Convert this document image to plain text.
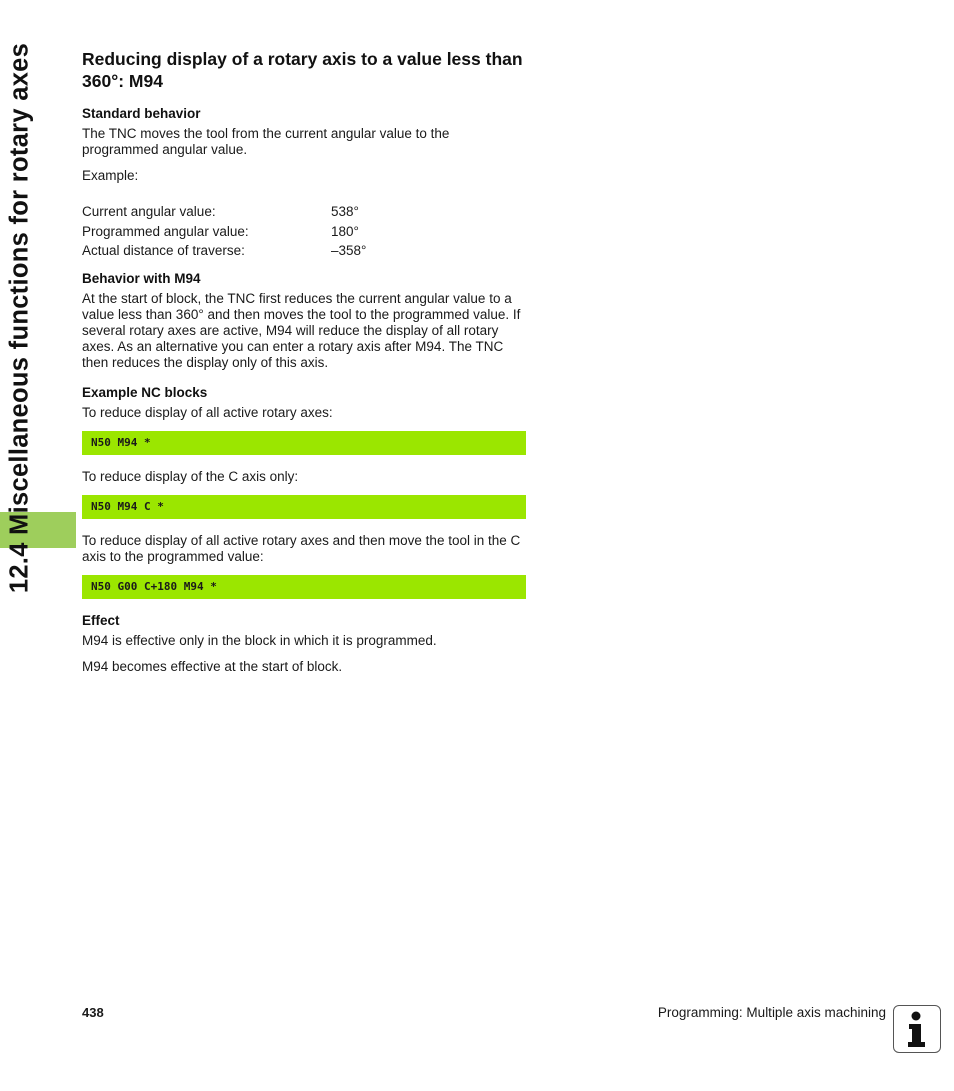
12.4 Miscellaneous functions for rotary axes	Reducing display of a rotary axis to a value less than 360°: M94
Standard behavior

The TNC moves the tool from the current angular value to the programmed angular value.

Example:

Current angular value:	538°
Programmed angular value:	180°
Actual distance of traverse:	–358°
Behavior with M94

At the start of block, the TNC first reduces the current angular value to a value less than 360° and then moves the tool to the programmed value. If several rotary axes are active, M94 will reduce the display of all rotary axes. As an alternative you can enter a rotary axis after M94. The TNC then reduces the display only of this axis.

Example NC blocks

To reduce display of all active rotary axes:

N50 M94 *

To reduce display of the C axis only:

N50 M94 C *

To reduce display of all active rotary axes and then move the tool in the C axis to the programmed value:

N50 G00 C+180 M94 *
Effect

M94 is effective only in the block in which it is programmed.

M94 becomes effective at the start of block.

438	Programming: Multiple axis machining
